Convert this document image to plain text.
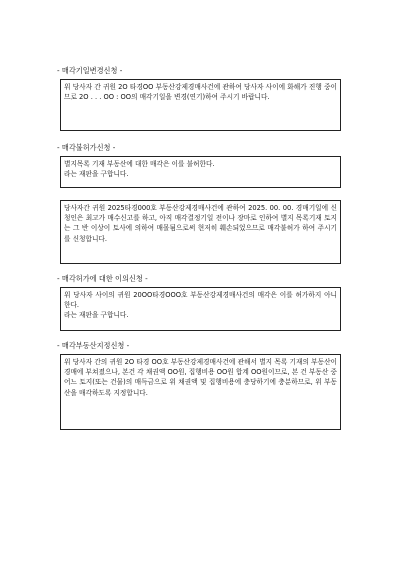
- 매각기일변경신청 -

위 당사자 간 귀원 2O 타경OO 부동산강제경매사건에 관하여 당사자 사이에 화해가 진행 중이므로 2O . . . OO : OO의 매각기일을 변경(연기)하여 주시기 바랍니다.

- 매각불허가신청 -

별지목록 기재 부동산에 대한 매각은 이를 불허한다.
라는 재판을 구합니다.

당사자간 귀원 2025타경000호 부동산강제경매사건에 관하여 2025. 00. 00. 경매기일에 신청인은 최고가 매수신고를 하고, 아직 매각결정기일 전이나 장마로 인하여 별지 목록기재 토지는 그 반 이상이 토사에 의하여 매몰됨으로써 현저히 훼손되었으므로 매각불허가 하여 주시기를 신청합니다.

- 매각허가에 대한 이의신청 -

위 당사자 사이의 귀원 20OO타경OOO호 부동산강제경매사건의 매각은 이를 허가하지 아니한다.
라는 재판을 구합니다.

- 매각부동산지정신청 -

위 당사자 간의 귀원 2O 타경 OO호 부동산강제경매사건에 관해서 별지 목록 기재의 부동산이 경매에 부쳐졌으나, 본건 각 채권액 OO원, 집행비용 OO원 합계 OO원이므로, 본 건 부동산 중 어느 토지(또는 건물)의 매득금으로 위 채권액 및 집행비용에 충당하기에 충분하므로, 위 부동산을 매각하도록 지정합니다.
